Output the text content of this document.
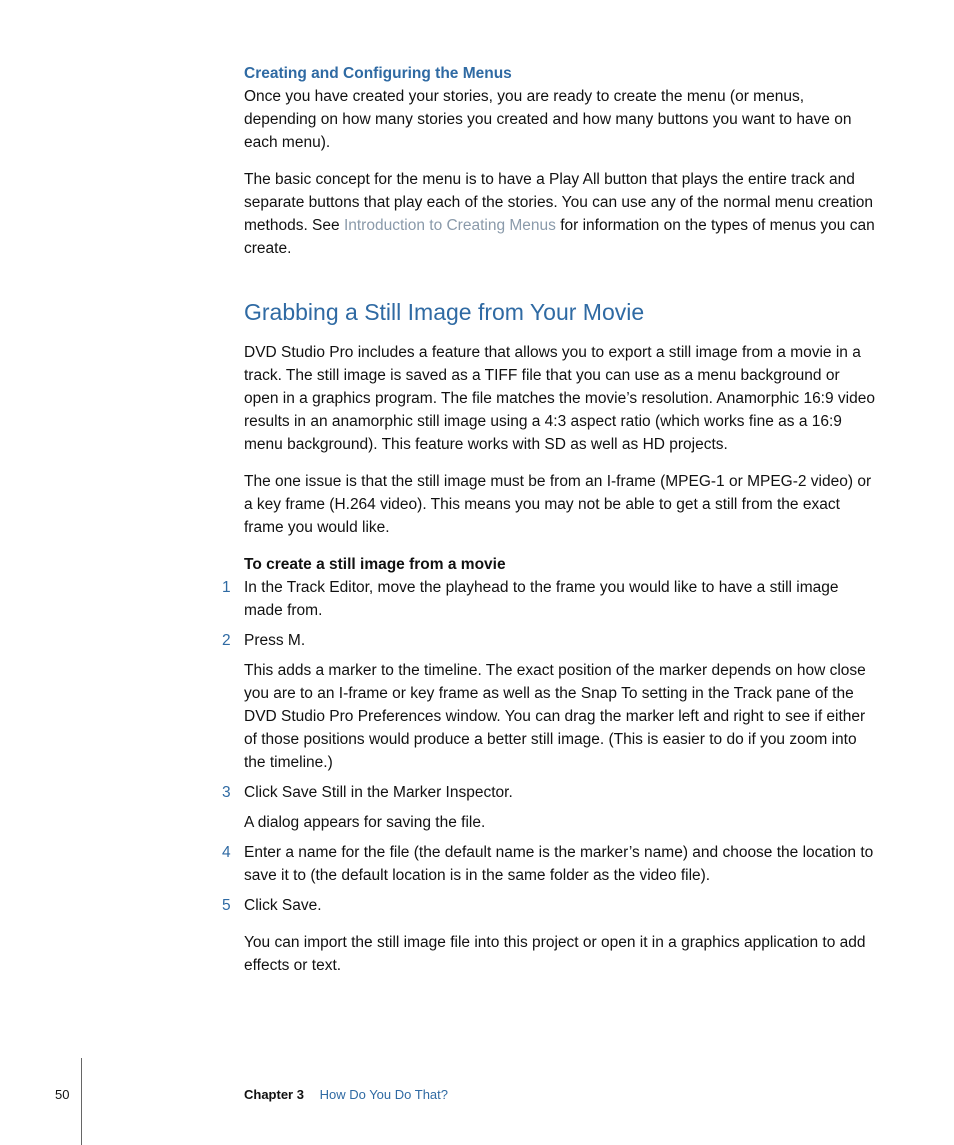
Creating and Configuring the Menus

Once you have created your stories, you are ready to create the menu (or menus, depending on how many stories you created and how many buttons you want to have on each menu).

The basic concept for the menu is to have a Play All button that plays the entire track and separate buttons that play each of the stories. You can use any of the normal menu creation methods. See Introduction to Creating Menus for information on the types of menus you can create.

Grabbing a Still Image from Your Movie

DVD Studio Pro includes a feature that allows you to export a still image from a movie in a track. The still image is saved as a TIFF file that you can use as a menu background or open in a graphics program. The file matches the movie’s resolution. Anamorphic 16:9 video results in an anamorphic still image using a 4:3 aspect ratio (which works fine as a 16:9 menu background). This feature works with SD as well as HD projects.

The one issue is that the still image must be from an I-frame (MPEG-1 or MPEG-2 video) or a key frame (H.264 video). This means you may not be able to get a still from the exact frame you would like.

To create a still image from a movie

1 In the Track Editor, move the playhead to the frame you would like to have a still image made from.

2 Press M.

This adds a marker to the timeline. The exact position of the marker depends on how close you are to an I-frame or key frame as well as the Snap To setting in the Track pane of the DVD Studio Pro Preferences window. You can drag the marker left and right to see if either of those positions would produce a better still image. (This is easier to do if you zoom into the timeline.)

3 Click Save Still in the Marker Inspector.

A dialog appears for saving the file.

4 Enter a name for the file (the default name is the marker’s name) and choose the location to save it to (the default location is in the same folder as the video file).

5 Click Save.

You can import the still image file into this project or open it in a graphics application to add effects or text.

50	Chapter 3 How Do You Do That?
